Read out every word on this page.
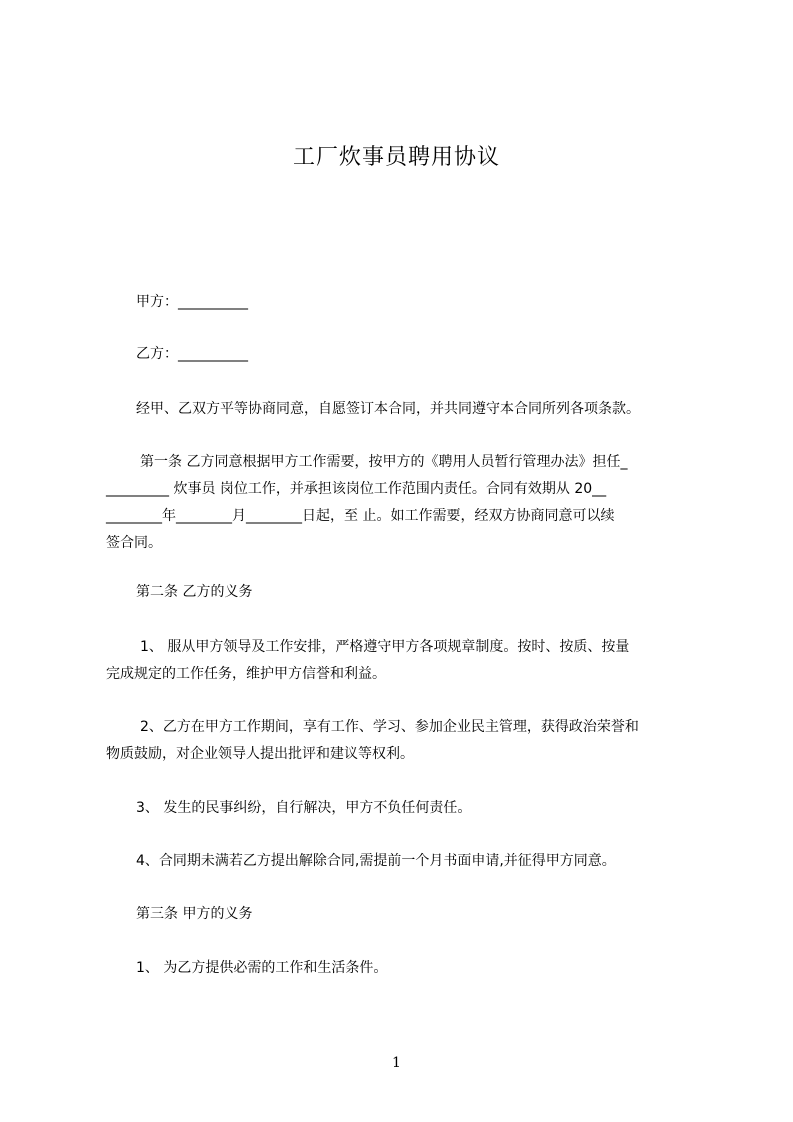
工厂炊事员聘用协议
甲方：__________
乙方：__________
经甲、乙双方平等协商同意，自愿签订本合同，并共同遵守本合同所列各项条款。
第一条 乙方同意根据甲方工作需要，按甲方的《聘用人员暂行管理办法》担任_
_________ 炊事员 岗位工作，并承担该岗位工作范围内责任。合同有效期从 20__
________年________月________日起，至 止。如工作需要，经双方协商同意可以续
签合同。
第二条 乙方的义务
1、 服从甲方领导及工作安排，严格遵守甲方各项规章制度。按时、按质、按量
完成规定的工作任务，维护甲方信誉和利益。
2、乙方在甲方工作期间，享有工作、学习、参加企业民主管理，获得政治荣誉和
物质鼓励，对企业领导人提出批评和建议等权利。
3、 发生的民事纠纷，自行解决，甲方不负任何责任。
4、合同期未满若乙方提出解除合同,需提前一个月书面申请,并征得甲方同意。
第三条 甲方的义务
1、 为乙方提供必需的工作和生活条件。
1
